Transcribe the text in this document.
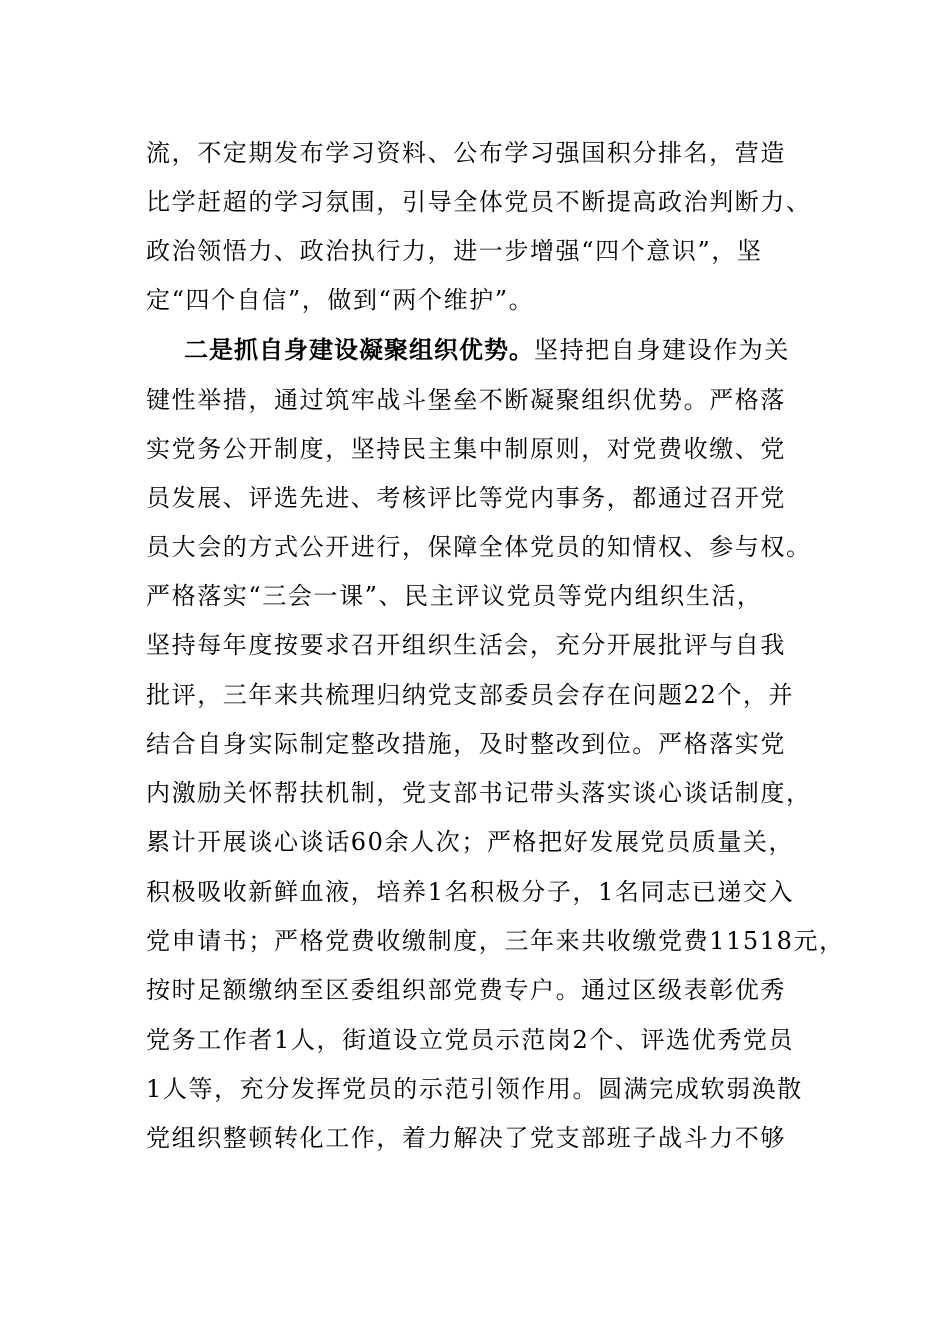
流，不定期发布学习资料、公布学习强国积分排名，营造
比学赶超的学习氛围，引导全体党员不断提高政治判断力、
政治领悟力、政治执行力，进一步增强“四个意识”，坚
定“四个自信”，做到“两个维护”。
二是抓自身建设凝聚组织优势。坚持把自身建设作为关
键性举措，通过筑牢战斗堡垒不断凝聚组织优势。严格落
实党务公开制度，坚持民主集中制原则，对党费收缴、党
员发展、评选先进、考核评比等党内事务，都通过召开党
员大会的方式公开进行，保障全体党员的知情权、参与权。
严格落实“三会一课”、民主评议党员等党内组织生活，
坚持每年度按要求召开组织生活会，充分开展批评与自我
批评，三年来共梳理归纳党支部委员会存在问题22个，并
结合自身实际制定整改措施，及时整改到位。严格落实党
内激励关怀帮扶机制，党支部书记带头落实谈心谈话制度，
累计开展谈心谈话60余人次；严格把好发展党员质量关，
积极吸收新鲜血液，培养1名积极分子，1名同志已递交入
党申请书；严格党费收缴制度，三年来共收缴党费11518元，
按时足额缴纳至区委组织部党费专户。通过区级表彰优秀
党务工作者1人，街道设立党员示范岗2个、评选优秀党员
1人等，充分发挥党员的示范引领作用。圆满完成软弱涣散
党组织整顿转化工作，着力解决了党支部班子战斗力不够
